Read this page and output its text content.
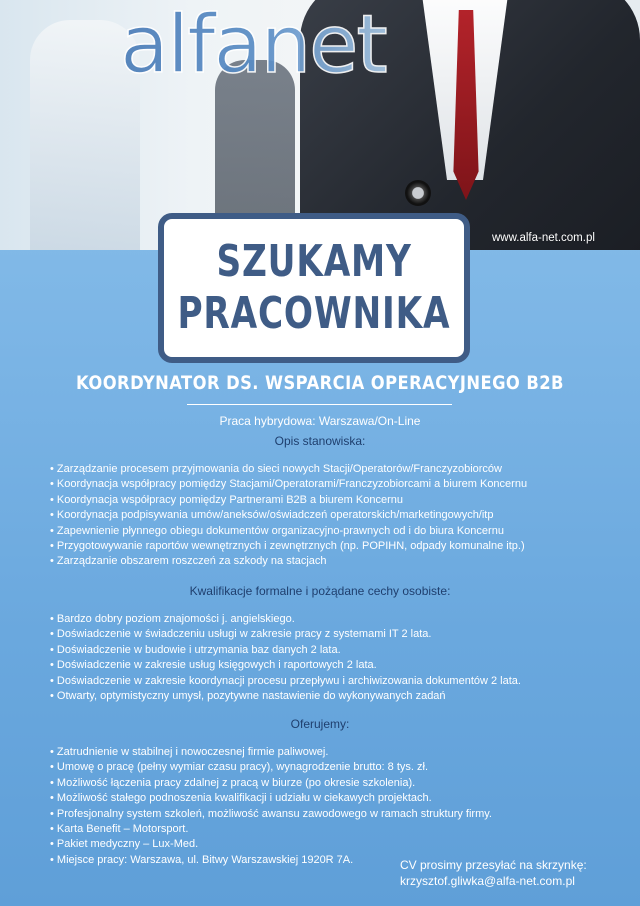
alfanet
www.alfa-net.com.pl
SZUKAMY
PRACOWNIKA
KOORDYNATOR DS. WSPARCIA OPERACYJNEGO B2B
Praca hybrydowa: Warszawa/On-Line
Opis stanowiska:
• Zarządzanie procesem przyjmowania do sieci nowych Stacji/Operatorów/Franczyzobiorców
• Koordynacja współpracy pomiędzy Stacjami/Operatorami/Franczyzobiorcami a biurem Koncernu
• Koordynacja współpracy pomiędzy Partnerami B2B a biurem Koncernu
• Koordynacja podpisywania umów/aneksów/oświadczeń operatorskich/marketingowych/itp
• Zapewnienie płynnego obiegu dokumentów organizacyjno-prawnych od i do biura Koncernu
• Przygotowywanie raportów wewnętrznych i zewnętrznych (np. POPIHN, odpady komunalne itp.)
• Zarządzanie obszarem roszczeń za szkody na stacjach
Kwalifikacje formalne i pożądane cechy osobiste:
• Bardzo dobry poziom znajomości j. angielskiego.
• Doświadczenie w świadczeniu usługi w zakresie pracy z systemami IT 2 lata.
• Doświadczenie w budowie i utrzymania baz danych 2 lata.
• Doświadczenie w zakresie usług księgowych i raportowych 2 lata.
• Doświadczenie w zakresie koordynacji procesu przepływu i archiwizowania dokumentów 2 lata.
• Otwarty, optymistyczny umysł, pozytywne nastawienie do wykonywanych zadań
Oferujemy:
• Zatrudnienie w stabilnej i nowoczesnej firmie paliwowej.
• Umowę o pracę (pełny wymiar czasu pracy), wynagrodzenie brutto: 8 tys. zł.
• Możliwość łączenia pracy zdalnej z pracą w biurze (po okresie szkolenia).
• Możliwość stałego podnoszenia kwalifikacji i udziału w ciekawych projektach.
• Profesjonalny system szkoleń, możliwość awansu zawodowego w ramach struktury firmy.
• Karta Benefit – Motorsport.
• Pakiet medyczny – Lux-Med.
• Miejsce pracy: Warszawa, ul. Bitwy Warszawskiej 1920R 7A.	CV prosimy przesyłać na skrzynkę:
krzysztof.gliwka@alfa-net.com.pl
